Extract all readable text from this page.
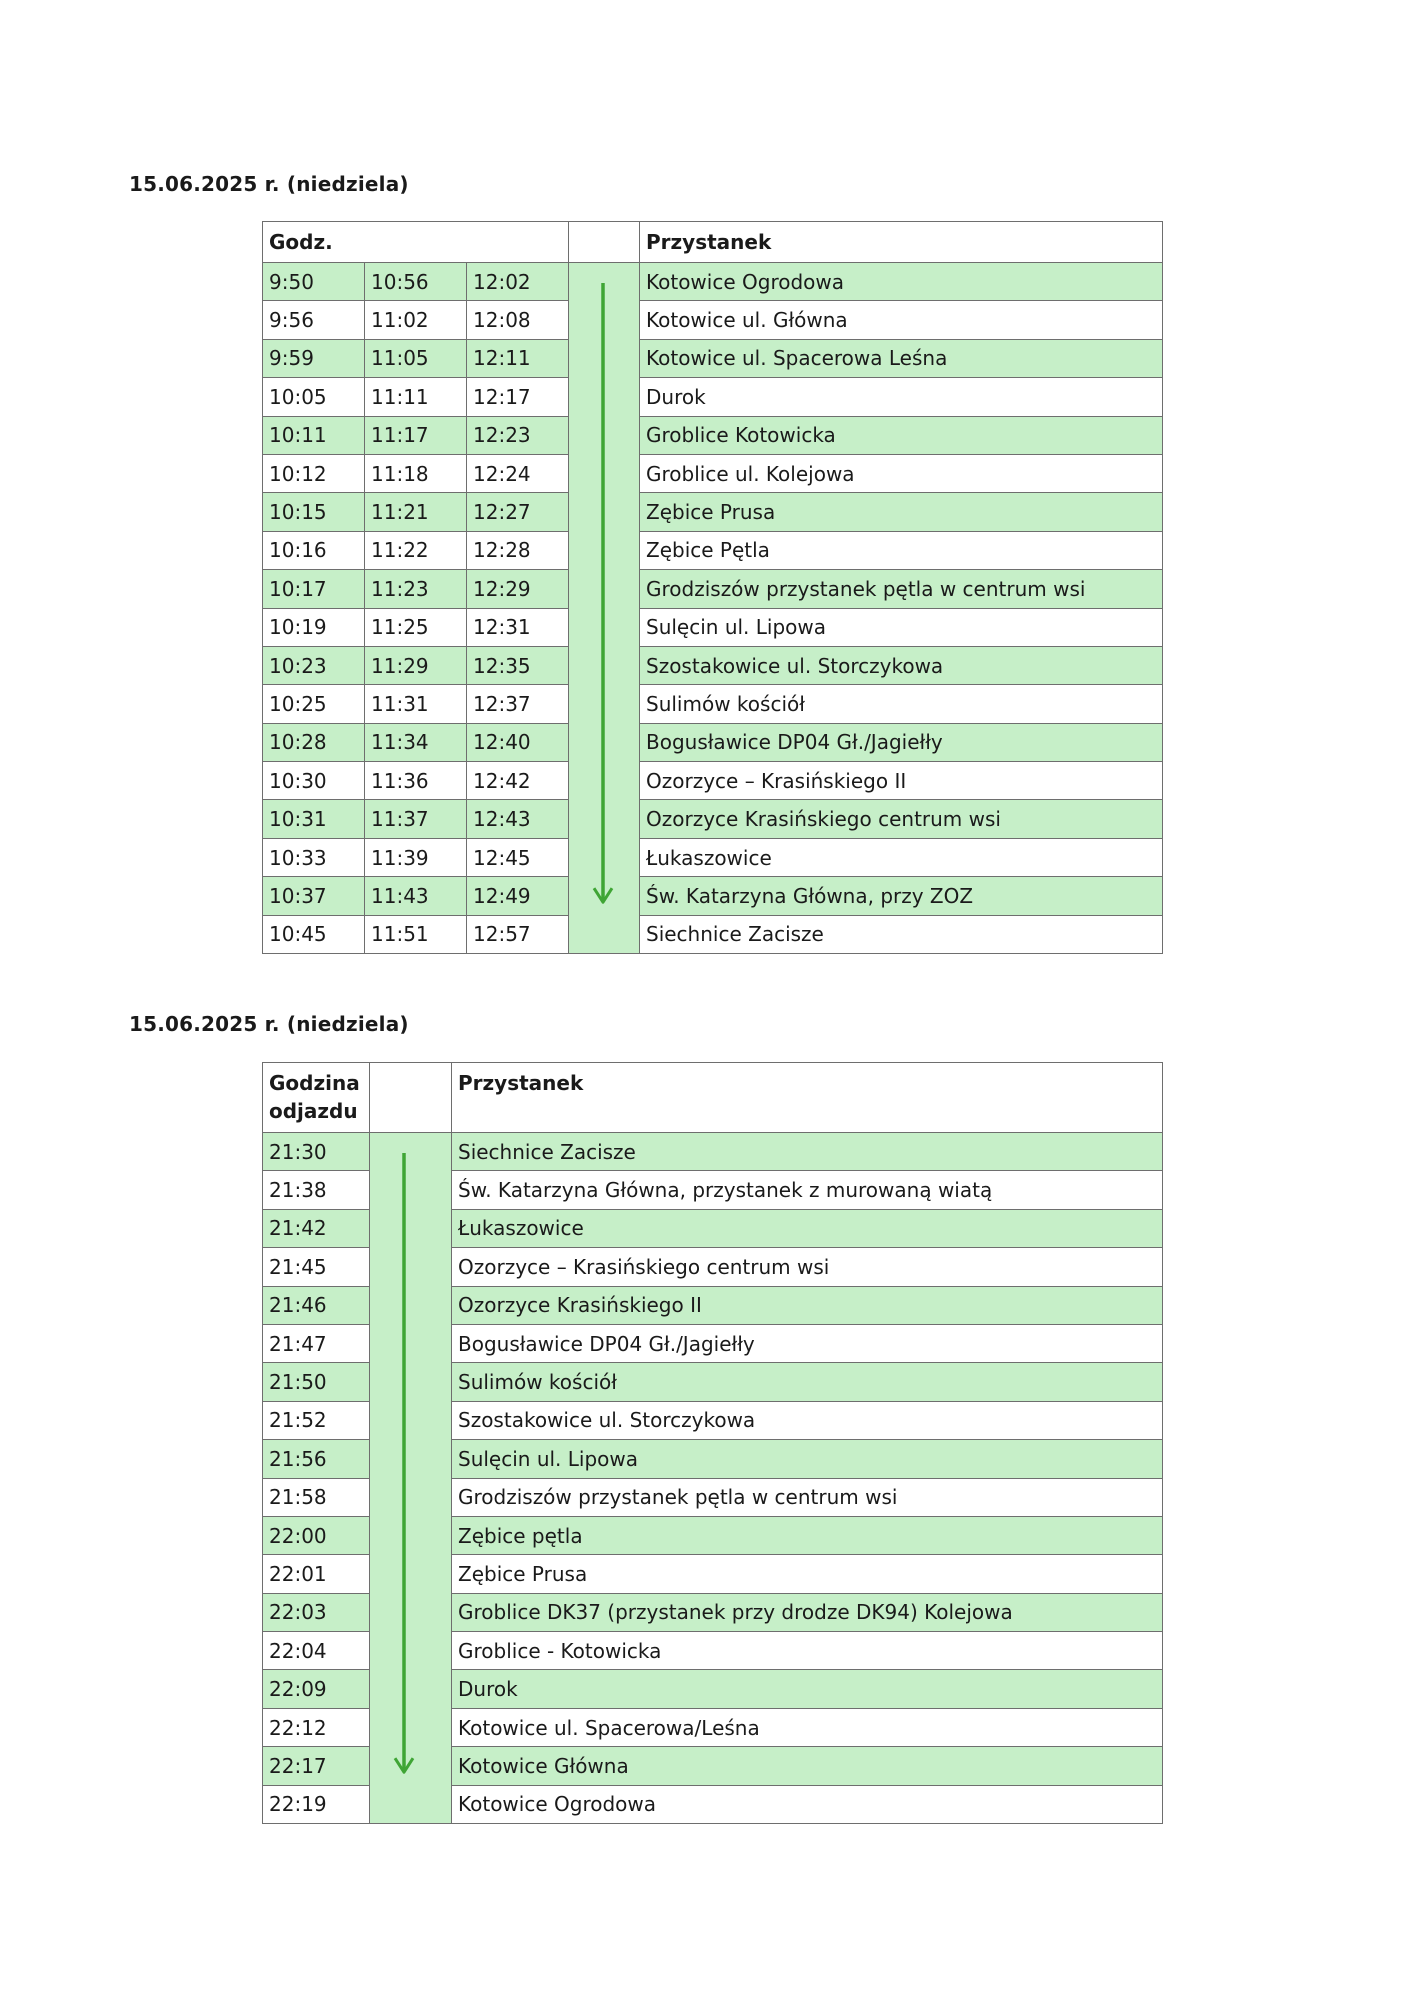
15.06.2025 r. (niedziela)
Godz.				Przystanek
9:50	10:56	12:02		Kotowice Ogrodowa
9:56	11:02	12:08		Kotowice ul. Główna
9:59	11:05	12:11		Kotowice ul. Spacerowa Leśna
10:05	11:11	12:17		Durok
10:11	11:17	12:23		Groblice Kotowicka
10:12	11:18	12:24		Groblice ul. Kolejowa
10:15	11:21	12:27		Zębice Prusa
10:16	11:22	12:28		Zębice Pętla
10:17	11:23	12:29		Grodziszów przystanek pętla w centrum wsi
10:19	11:25	12:31		Sulęcin ul. Lipowa
10:23	11:29	12:35		Szostakowice ul. Storczykowa
10:25	11:31	12:37		Sulimów kościół
10:28	11:34	12:40		Bogusławice DP04 Gł./Jagiełły
10:30	11:36	12:42		Ozorzyce – Krasińskiego II
10:31	11:37	12:43		Ozorzyce Krasińskiego centrum wsi
10:33	11:39	12:45		Łukaszowice
10:37	11:43	12:49		Św. Katarzyna Główna, przy ZOZ
10:45	11:51	12:57		Siechnice Zacisze
15.06.2025 r. (niedziela)
Godzina
odjazdu		Przystanek
21:30		Siechnice Zacisze
21:38		Św. Katarzyna Główna, przystanek z murowaną wiatą
21:42		Łukaszowice
21:45		Ozorzyce – Krasińskiego centrum wsi
21:46		Ozorzyce Krasińskiego II
21:47		Bogusławice DP04 Gł./Jagiełły
21:50		Sulimów kościół
21:52		Szostakowice ul. Storczykowa
21:56		Sulęcin ul. Lipowa
21:58		Grodziszów przystanek pętla w centrum wsi
22:00		Zębice pętla
22:01		Zębice Prusa
22:03		Groblice DK37 (przystanek przy drodze DK94) Kolejowa
22:04		Groblice - Kotowicka
22:09		Durok
22:12		Kotowice ul. Spacerowa/Leśna
22:17		Kotowice Główna
22:19		Kotowice Ogrodowa
